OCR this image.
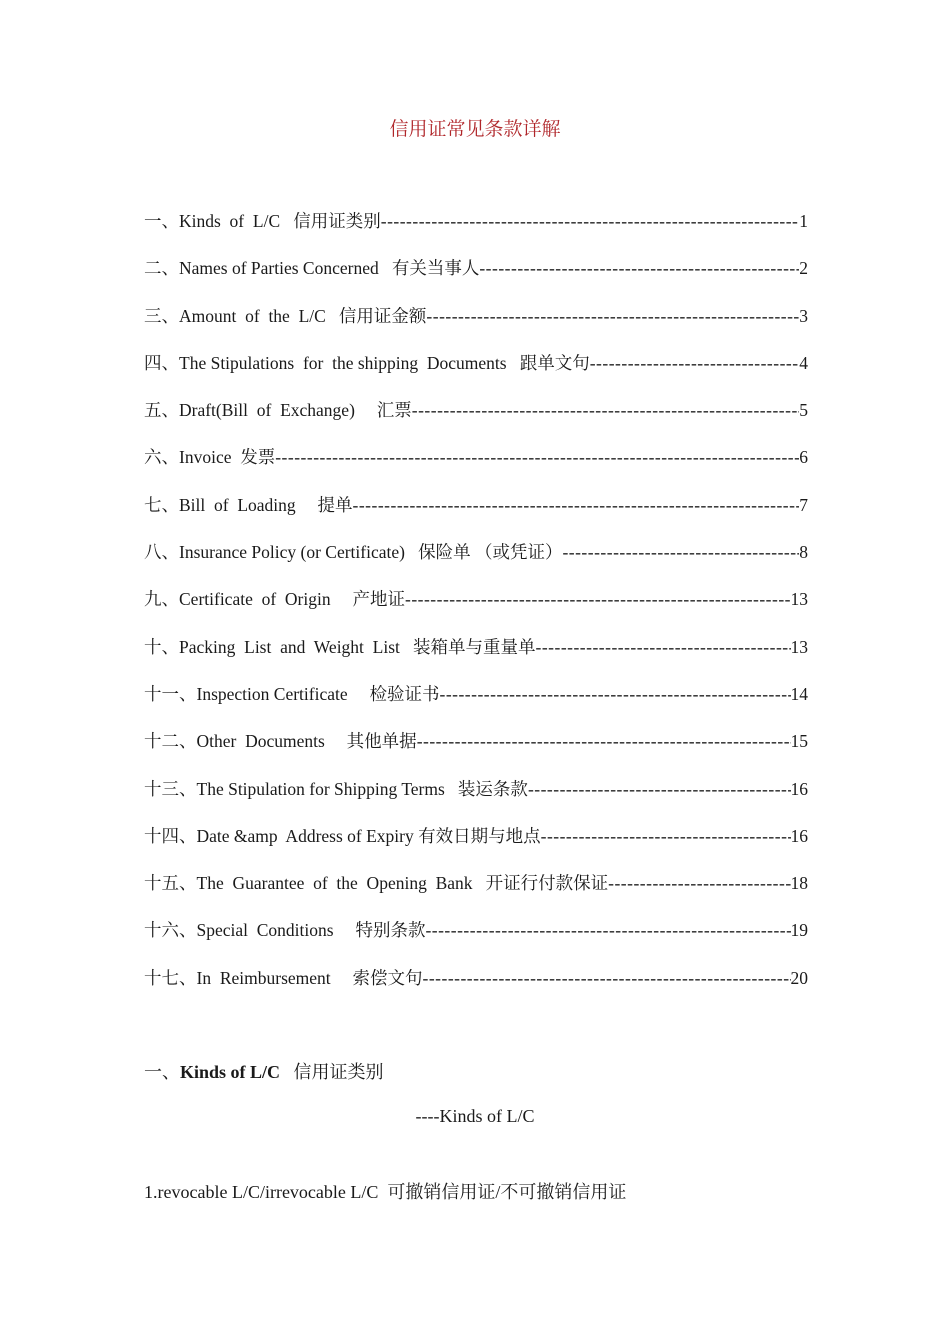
信用证常见条款详解
一、Kinds  of  L/C   信用证类别 -----	1
二、Names of Parties Concerned   有关当事人 -----	2
三、Amount  of  the  L/C   信用证金额 -----	3
四、The Stipulations  for  the shipping  Documents   跟单文句 -----	4
五、Draft(Bill  of  Exchange)     汇票 -----	5
六、Invoice  发票 -----	6
七、Bill  of  Loading     提单 -----	7
八、Insurance Policy (or Certificate)   保险单 （或凭证） -----	8
九、Certificate  of  Origin     产地证 -----	13
十、Packing  List  and  Weight  List   装箱单与重量单 -----	13
十一、Inspection Certificate     检验证书 -----	14
十二、Other  Documents     其他单据 -----	15
十三、The Stipulation for Shipping Terms   装运条款 -----	16
十四、Date &amp  Address of Expiry 有效日期与地点 -----	16
十五、The  Guarantee  of  the  Opening  Bank   开证行付款保证 -----	18
十六、Special  Conditions     特别条款 -----	19
十七、In  Reimbursement     索偿文句 -----	20
一、Kinds of L/C   信用证类别
----Kinds of L/C
1.revocable L/C/irrevocable L/C  可撤销信用证/不可撤销信用证
